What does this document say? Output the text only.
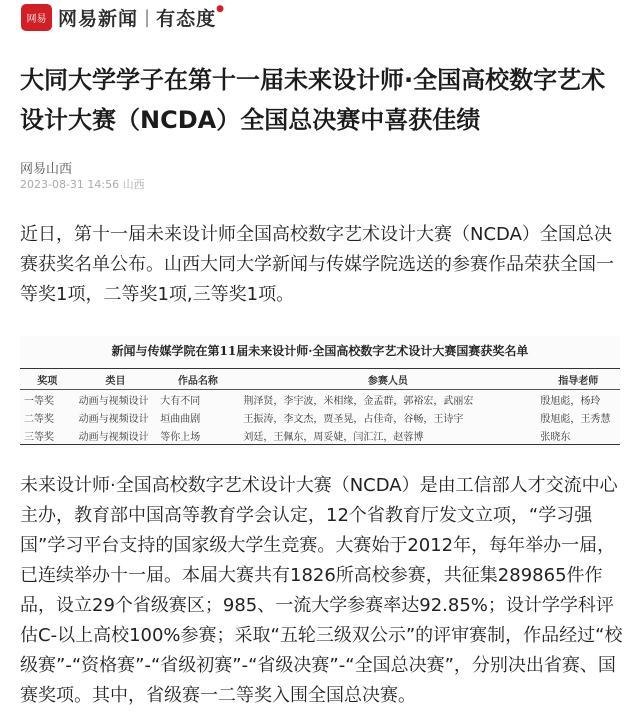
网易 网易新闻 | 有态度●
大同大学学子在第十一届未来设计师·全国高校数字艺术设计大赛（NCDA）全国总决赛中喜获佳绩
网易山西
2023-08-31 14:56 山西

近日，第十一届未来设计师全国高校数字艺术设计大赛（NCDA）全国总决赛获奖名单公布。山西大同大学新闻与传媒学院选送的参赛作品荣获全国一等奖1项，二等奖1项,三等奖1项。

新闻与传媒学院在第11届未来设计师·全国高校数字艺术设计大赛国赛获奖名单
奖项	类目	作品名称	参赛人员	指导老师
一等奖	动画与视频设计	大有不同	荆泽贤，李宇波，米相缘，金孟群，郭裕宏，武丽宏	殷旭彪，杨玲
二等奖	动画与视频设计	垣曲曲剧	王振涛，李文杰，贾圣晃，占佳奇，谷畅，王诗宇	殷旭彪，王秀慧
三等奖	动画与视频设计	等你上场	刘廷，王佩东，周妥婕，闫汇江，赵蓉博	张晓东

未来设计师·全国高校数字艺术设计大赛（NCDA）是由工信部人才交流中心主办，教育部中国高等教育学会认定，12个省教育厅发文立项，“学习强国”学习平台支持的国家级大学生竞赛。大赛始于2012年，每年举办一届，已连续举办十一届。本届大赛共有1826所高校参赛，共征集289865件作品，设立29个省级赛区；985、一流大学参赛率达92.85%；设计学学科评估C-以上高校100%参赛；采取“五轮三级双公示”的评审赛制，作品经过“校级赛”-“资格赛”-“省级初赛”-“省级决赛”-“全国总决赛”，分别决出省赛、国赛奖项。其中，省级赛一二等奖入围全国总决赛。
